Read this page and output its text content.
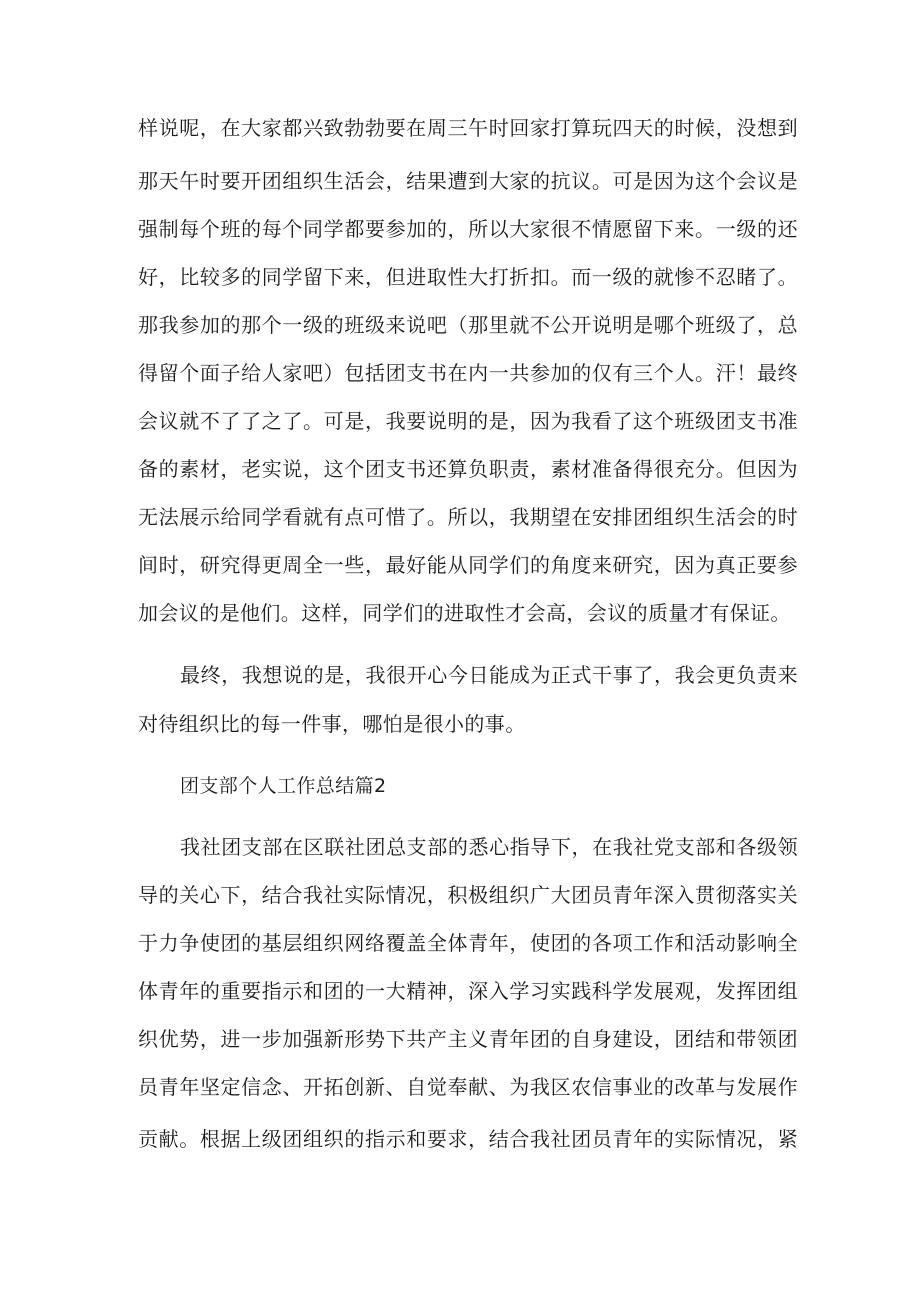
样说呢，在大家都兴致勃勃要在周三午时回家打算玩四天的时候，没想到
那天午时要开团组织生活会，结果遭到大家的抗议。可是因为这个会议是
强制每个班的每个同学都要参加的，所以大家很不情愿留下来。一级的还
好，比较多的同学留下来，但进取性大打折扣。而一级的就惨不忍睹了。
那我参加的那个一级的班级来说吧（那里就不公开说明是哪个班级了，总
得留个面子给人家吧）包括团支书在内一共参加的仅有三个人。汗！最终
会议就不了了之了。可是，我要说明的是，因为我看了这个班级团支书准
备的素材，老实说，这个团支书还算负职责，素材准备得很充分。但因为
无法展示给同学看就有点可惜了。所以，我期望在安排团组织生活会的时
间时，研究得更周全一些，最好能从同学们的角度来研究，因为真正要参
加会议的是他们。这样，同学们的进取性才会高，会议的质量才有保证。
最终，我想说的是，我很开心今日能成为正式干事了，我会更负责来
对待组织比的每一件事，哪怕是很小的事。
团支部个人工作总结篇2
我社团支部在区联社团总支部的悉心指导下，在我社党支部和各级领
导的关心下，结合我社实际情况，积极组织广大团员青年深入贯彻落实关
于力争使团的基层组织网络覆盖全体青年，使团的各项工作和活动影响全
体青年的重要指示和团的一大精神，深入学习实践科学发展观，发挥团组
织优势，进一步加强新形势下共产主义青年团的自身建设，团结和带领团
员青年坚定信念、开拓创新、自觉奉献、为我区农信事业的改革与发展作
贡献。根据上级团组织的指示和要求，结合我社团员青年的实际情况，紧
